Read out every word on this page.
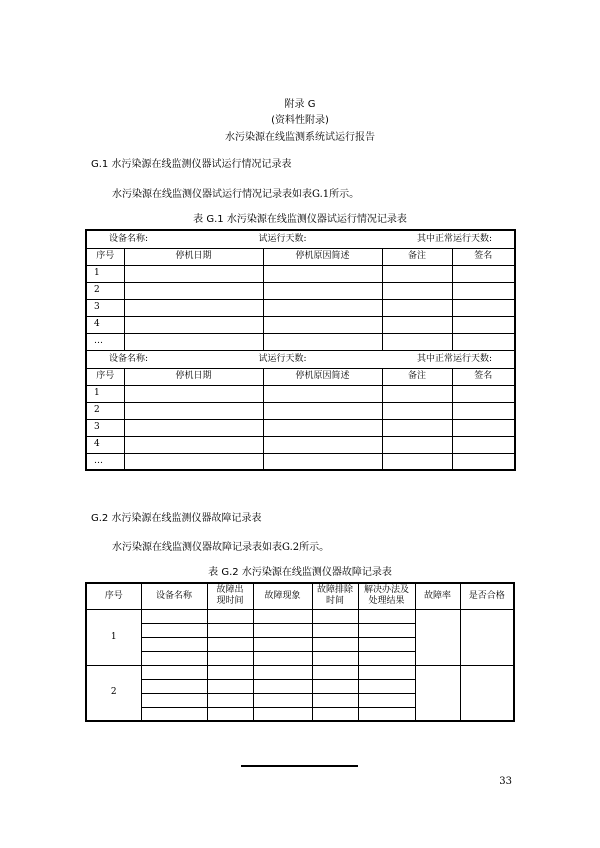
附录 G
(资料性附录)
水污染源在线监测系统试运行报告
G.1 水污染源在线监测仪器试运行情况记录表
水污染源在线监测仪器试运行情况记录表如表G.1所示。
表 G.1 水污染源在线监测仪器试运行情况记录表
设备名称: 试运行天数: 其中正常运行天数:				

序号	停机日期	停机原因简述	备注	签名
1				
2				
3				
4				
…				

设备名称: 试运行天数: 其中正常运行天数:				

序号	停机日期	停机原因简述	备注	签名
1				
2				
3				
4				
…				
G.2 水污染源在线监测仪器故障记录表
水污染源在线监测仪器故障记录表如表G.2所示。
表 G.2 水污染源在线监测仪器故障记录表
序号	设备名称	故障出
现时间	故障现象	故障排除
时间	解决办法及
处理结果	故障率	是否合格
1							

2							

33
